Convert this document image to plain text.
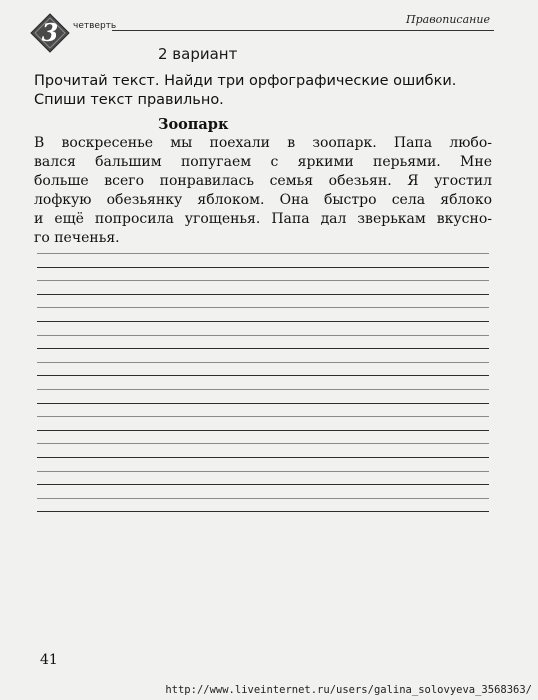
3	четверть	Правописание
2 вариант
Прочитай текст. Найди три орфографические ошибки.
Спиши текст правильно.
Зоопарк
В воскресенье мы поехали в зоопарк. Папа любо-
вался бальшим попугаем с яркими перьями. Мне
больше всего понравилась семья обезьян. Я угостил
лофкую обезьянку яблоком. Она быстро села яблоко
и ещё попросила угощенья. Папа дал зверькам вкусно-
го печенья.
41
http://www.liveinternet.ru/users/galina_solovyeva_3568363/
